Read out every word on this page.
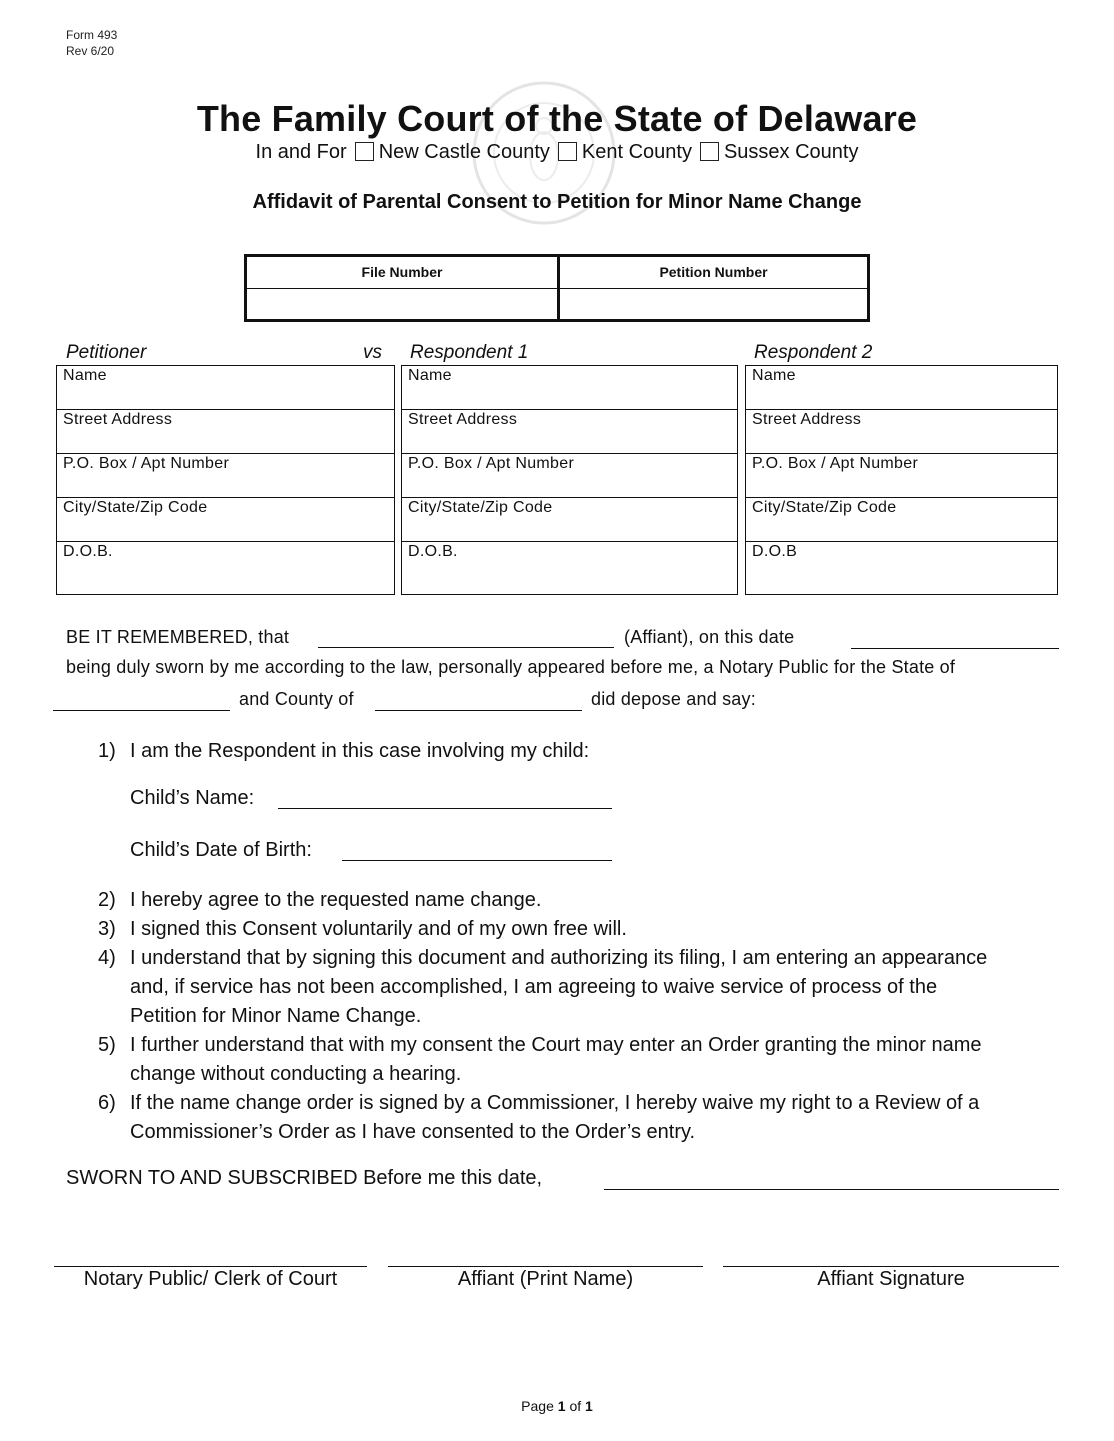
Form 493
Rev 6/20
The Family Court of the State of Delaware
In and For New Castle County Kent County Sussex County
Affidavit of Parental Consent to Petition for Minor Name Change
File Number	Petition Number
Petitioner	vs Respondent 1	Respondent 2
Name
Street Address
P.O. Box / Apt Number
City/State/Zip Code
D.O.B.
Name
Street Address
P.O. Box / Apt Number
City/State/Zip Code
D.O.B.
Name
Street Address
P.O. Box / Apt Number
City/State/Zip Code
D.O.B
BE IT REMEMBERED, that	(Affiant), on this date
being duly sworn by me according to the law, personally appeared before me, a Notary Public for the State of
and County of	did depose and say:
1) I am the Respondent in this case involving my child:
Child’s Name:
Child’s Date of Birth:
2) I hereby agree to the requested name change.
3) I signed this Consent voluntarily and of my own free will.
4) I understand that by signing this document and authorizing its filing, I am entering an appearance and, if service has not been accomplished, I am agreeing to waive service of process of the Petition for Minor Name Change.
5) I further understand that with my consent the Court may enter an Order granting the minor name change without conducting a hearing.
6) If the name change order is signed by a Commissioner, I hereby waive my right to a Review of a Commissioner’s Order as I have consented to the Order’s entry.
SWORN TO AND SUBSCRIBED Before me this date,
Notary Public/ Clerk of Court	Affiant (Print Name)	Affiant Signature
Page 1 of 1
